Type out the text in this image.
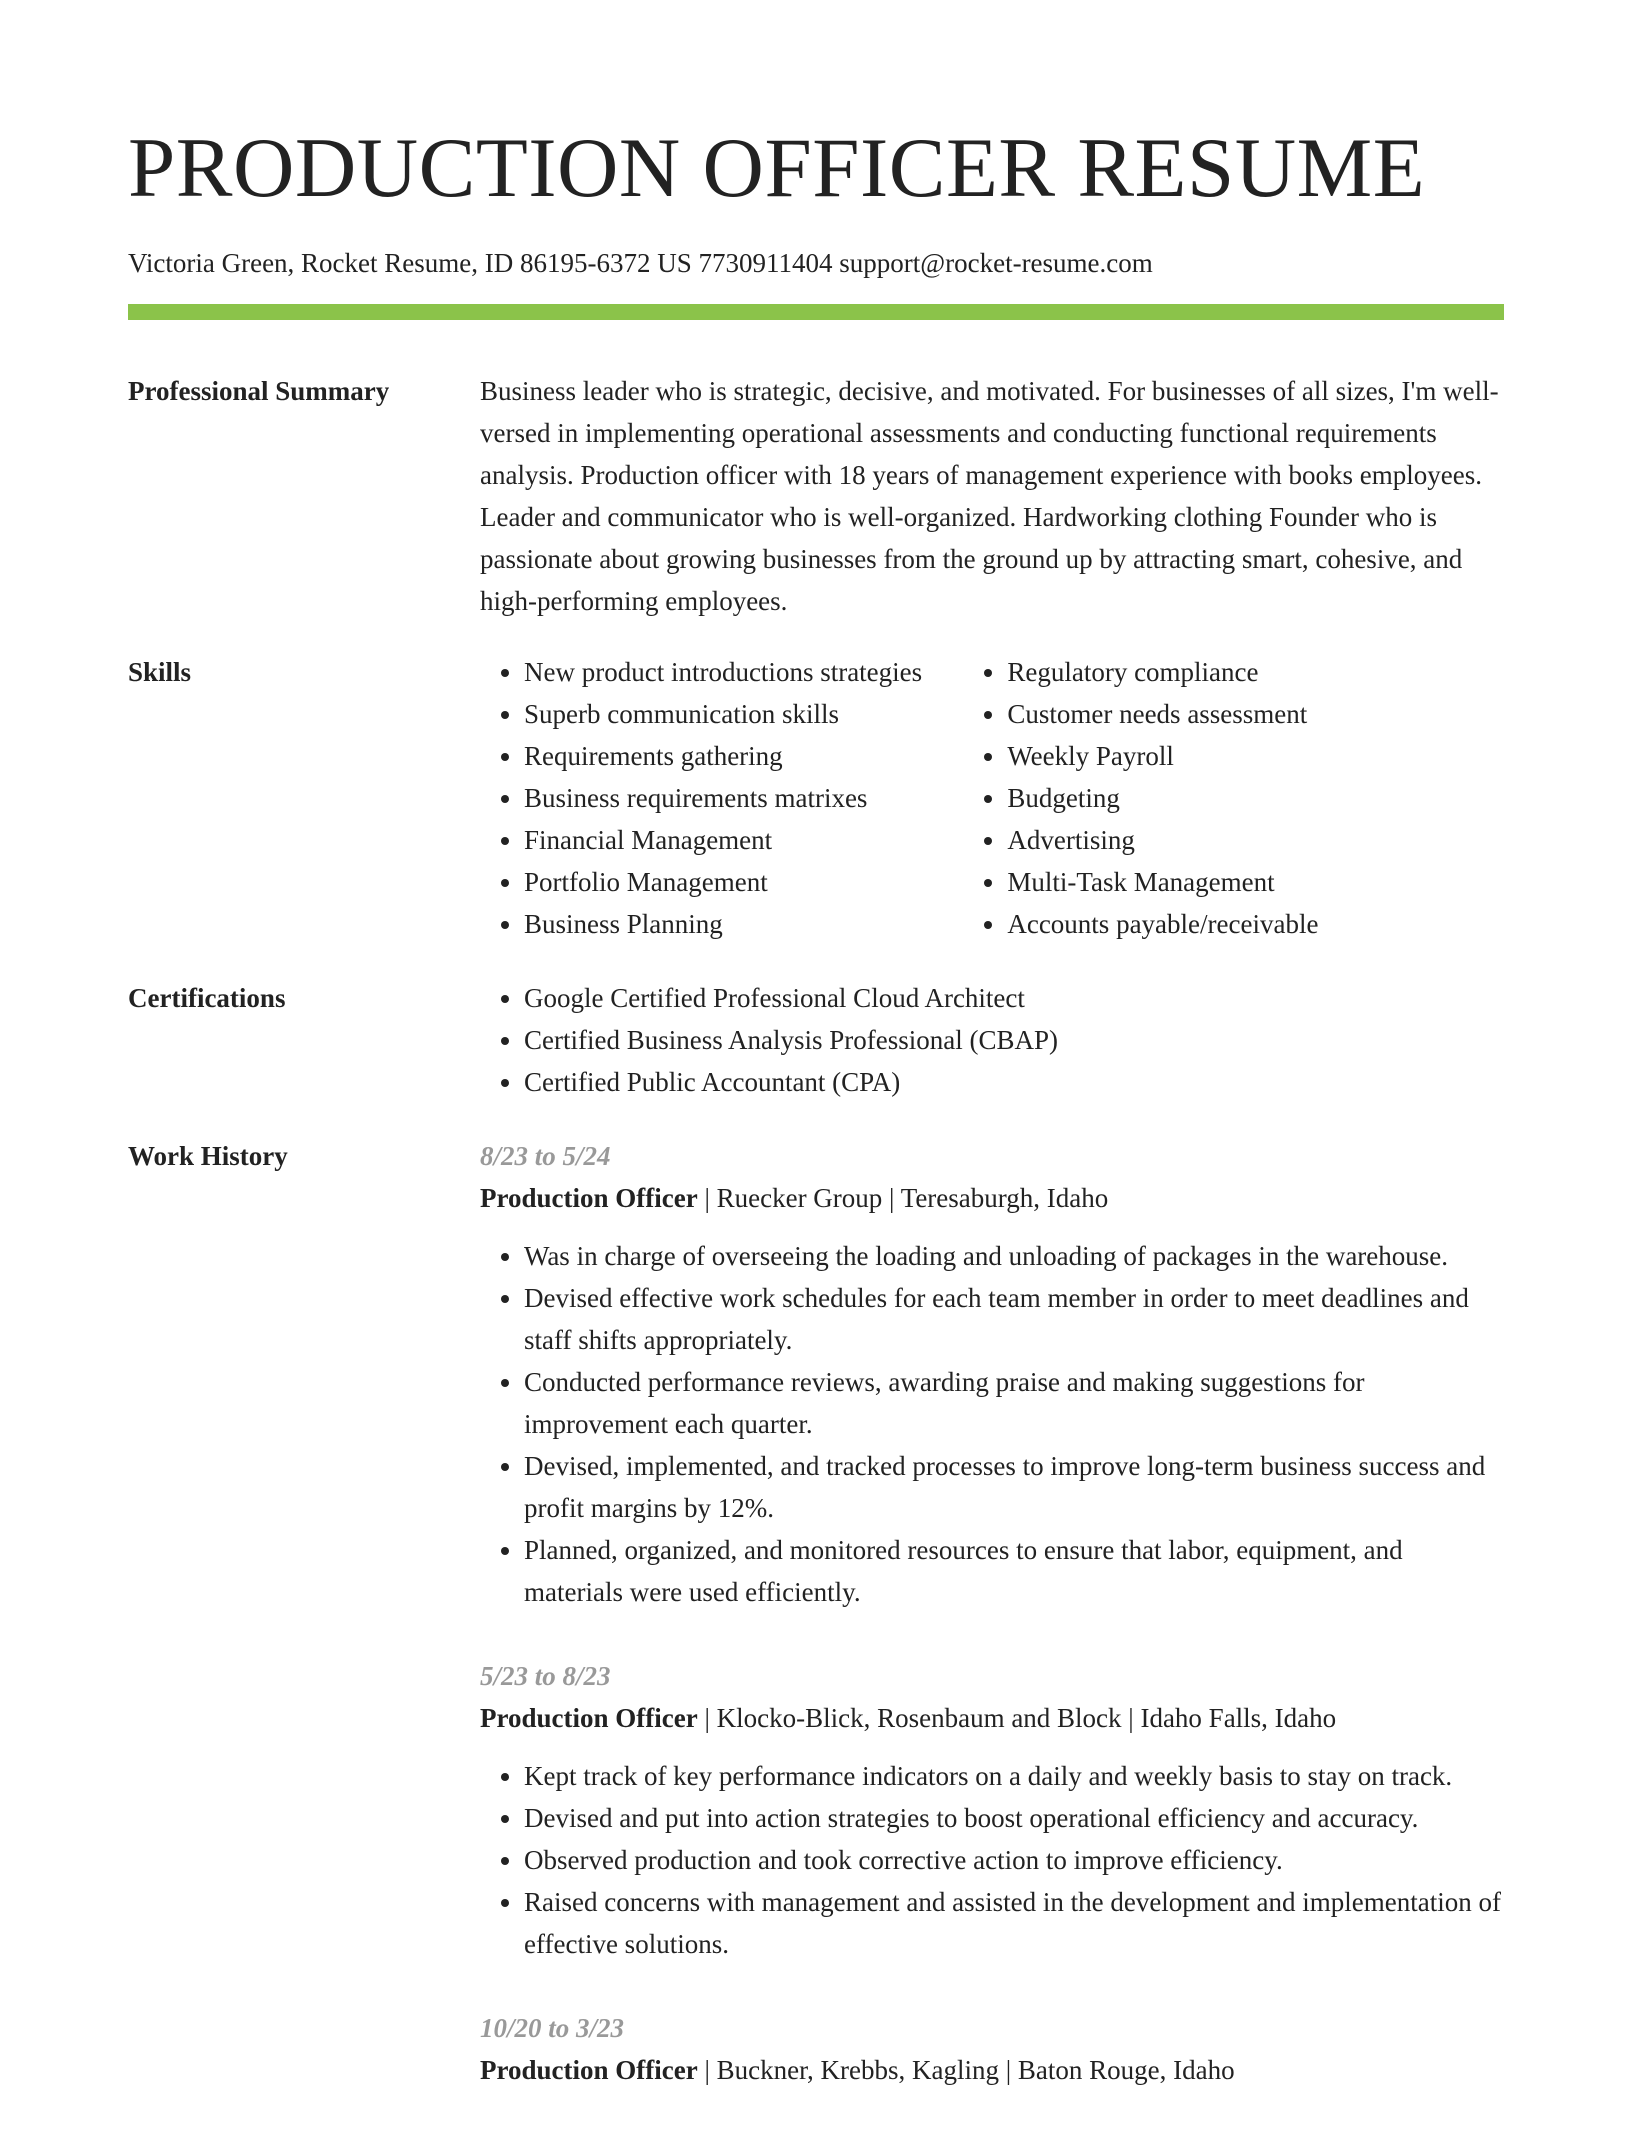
PRODUCTION OFFICER RESUME
Victoria Green, Rocket Resume, ID 86195-6372 US 7730911404 support@rocket-resume.com
Professional Summary	Business leader who is strategic, decisive, and motivated. For businesses of all sizes, I'm well-versed in implementing operational assessments and conducting functional requirements analysis. Production officer with 18 years of management experience with books employees. Leader and communicator who is well-organized. Hardworking clothing Founder who is passionate about growing businesses from the ground up by attracting smart, cohesive, and high-performing employees.

Skills	• New product introductions strategies
• Superb communication skills
• Requirements gathering
• Business requirements matrixes
• Financial Management
• Portfolio Management
• Business Planning
• Regulatory compliance
• Customer needs assessment
• Weekly Payroll
• Budgeting
• Advertising
• Multi-Task Management
• Accounts payable/receivable
Certifications	• Google Certified Professional Cloud Architect
• Certified Business Analysis Professional (CBAP)
• Certified Public Accountant (CPA)
Work History	8/23 to 5/24
Production Officer | Ruecker Group | Teresaburgh, Idaho
• Was in charge of overseeing the loading and unloading of packages in the warehouse.
• Devised effective work schedules for each team member in order to meet deadlines and staff shifts appropriately.
• Conducted performance reviews, awarding praise and making suggestions for improvement each quarter.
• Devised, implemented, and tracked processes to improve long-term business success and profit margins by 12%.
• Planned, organized, and monitored resources to ensure that labor, equipment, and materials were used efficiently.
5/23 to 8/23
Production Officer | Klocko-Blick, Rosenbaum and Block | Idaho Falls, Idaho
• Kept track of key performance indicators on a daily and weekly basis to stay on track.
• Devised and put into action strategies to boost operational efficiency and accuracy.
• Observed production and took corrective action to improve efficiency.
• Raised concerns with management and assisted in the development and implementation of effective solutions.
10/20 to 3/23
Production Officer | Buckner, Krebbs, Kagling | Baton Rouge, Idaho
